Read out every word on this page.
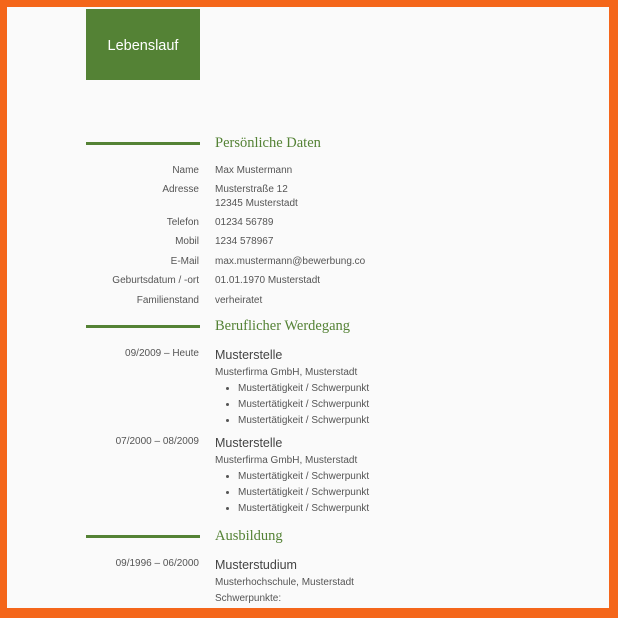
Lebenslauf
Persönliche Daten
Name Max Mustermann
Adresse Musterstraße 12
12345 Musterstadt
Telefon 01234 56789
Mobil 1234 578967
E-Mail max.mustermann@bewerbung.co
Geburtsdatum / -ort 01.01.1970 Musterstadt
Familienstand verheiratet
Beruflicher Werdegang
09/2009 – Heute Musterstelle
Musterfirma GmbH, Musterstadt
• Mustertätigkeit / Schwerpunkt
• Mustertätigkeit / Schwerpunkt
• Mustertätigkeit / Schwerpunkt
07/2000 – 08/2009 Musterstelle
Musterfirma GmbH, Musterstadt
• Mustertätigkeit / Schwerpunkt
• Mustertätigkeit / Schwerpunkt
• Mustertätigkeit / Schwerpunkt
Ausbildung
09/1996 – 06/2000 Musterstudium
Musterhochschule, Musterstadt
Schwerpunkte:
